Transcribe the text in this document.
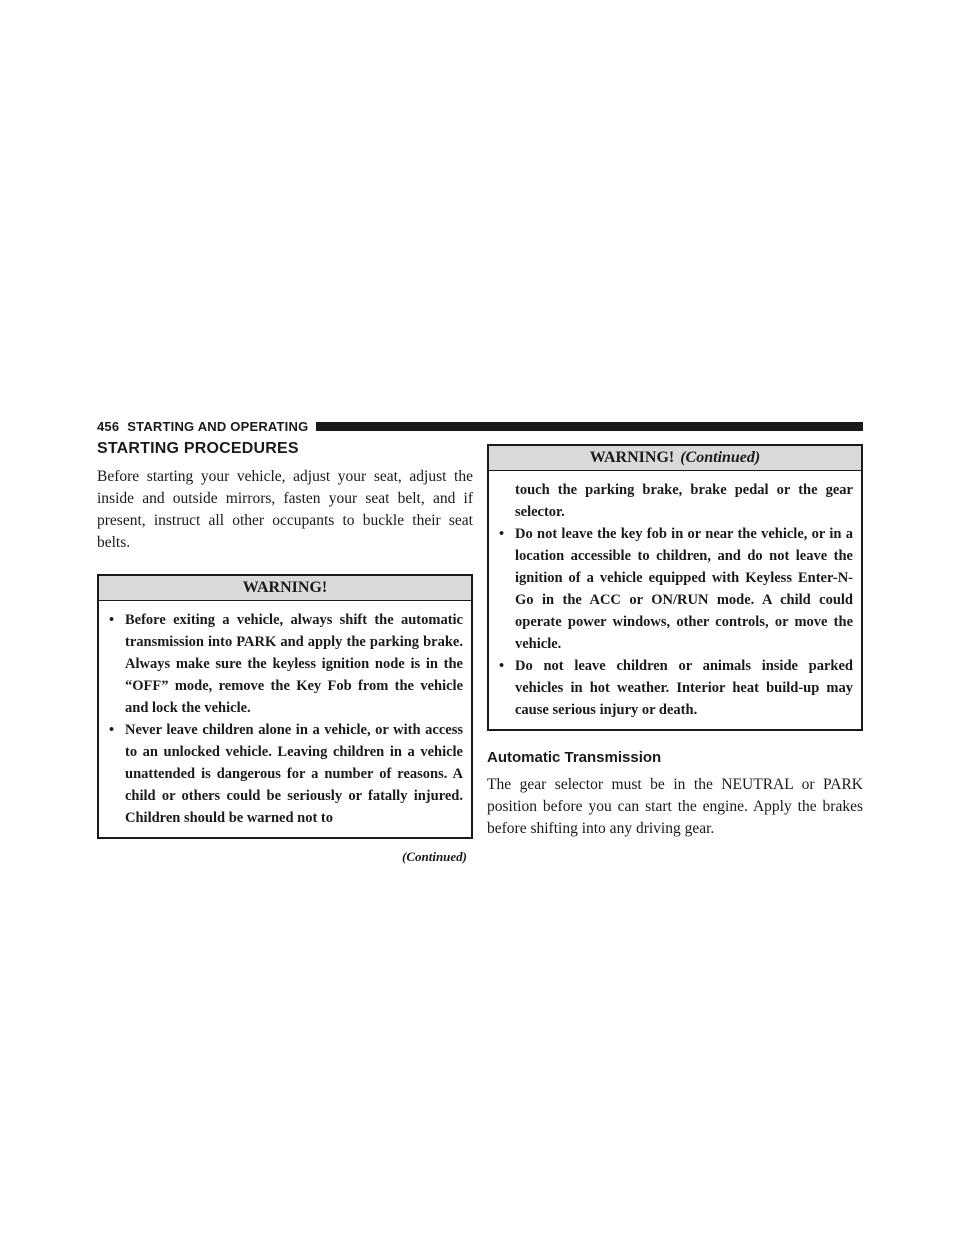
456 STARTING AND OPERATING
STARTING PROCEDURES

Before starting your vehicle, adjust your seat, adjust the inside and outside mirrors, fasten your seat belt, and if present, instruct all other occupants to buckle their seat belts.

WARNING!
• Before exiting a vehicle, always shift the automatic transmission into PARK and apply the parking brake. Always make sure the keyless ignition node is in the “OFF” mode, remove the Key Fob from the vehicle and lock the vehicle.
• Never leave children alone in a vehicle, or with access to an unlocked vehicle. Leaving children in a vehicle unattended is dangerous for a number of reasons. A child or others could be seriously or fatally injured. Children should be warned not to
(Continued)
WARNING! (Continued)
touch the parking brake, brake pedal or the gear selector.
• Do not leave the key fob in or near the vehicle, or in a location accessible to children, and do not leave the ignition of a vehicle equipped with Keyless Enter-N-Go in the ACC or ON/RUN mode. A child could operate power windows, other controls, or move the vehicle.
• Do not leave children or animals inside parked vehicles in hot weather. Interior heat build-up may cause serious injury or death.
Automatic Transmission

The gear selector must be in the NEUTRAL or PARK position before you can start the engine. Apply the brakes before shifting into any driving gear.
